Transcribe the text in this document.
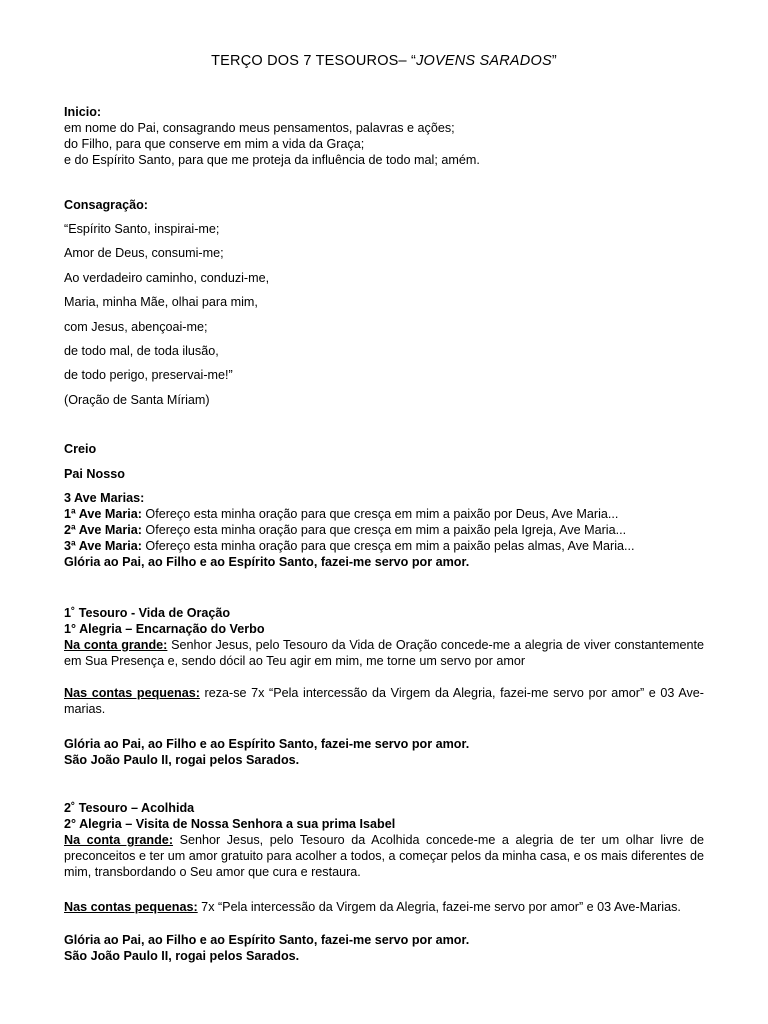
TERÇO DOS 7 TESOUROS– “JOVENS SARADOS”
Inicio:
em nome do Pai, consagrando meus pensamentos, palavras e ações;
do Filho, para que conserve em mim a vida da Graça;
e do Espírito Santo, para que me proteja da influência de todo mal; amém.
Consagração:
“Espírito Santo, inspirai-me;
Amor de Deus, consumi-me;
Ao verdadeiro caminho, conduzi-me,
Maria, minha Mãe, olhai para mim,
com Jesus, abençoai-me;
de todo mal, de toda ilusão,
de todo perigo, preservai-me!”
(Oração de Santa Míriam)
Creio
Pai Nosso
3 Ave Marias:
1ª Ave Maria: Ofereço esta minha oração para que cresça em mim a paixão por Deus, Ave Maria...
2ª Ave Maria: Ofereço esta minha oração para que cresça em mim a paixão pela Igreja, Ave Maria...
3ª Ave Maria: Ofereço esta minha oração para que cresça em mim a paixão pelas almas, Ave Maria...
Glória ao Pai, ao Filho e ao Espírito Santo, fazei-me servo por amor.
1˚ Tesouro - Vida de Oração
1° Alegria – Encarnação do Verbo
Na conta grande: Senhor Jesus, pelo Tesouro da Vida de Oração concede-me a alegria de viver constantemente em Sua Presença e, sendo dócil ao Teu agir em mim, me torne um servo por amor
Nas contas pequenas: reza-se 7x “Pela intercessão da Virgem da Alegria, fazei-me servo por amor” e 03 Ave-marias.
Glória ao Pai, ao Filho e ao Espírito Santo, fazei-me servo por amor.
São João Paulo II, rogai pelos Sarados.
2˚ Tesouro – Acolhida
2° Alegria – Visita de Nossa Senhora a sua prima Isabel
Na conta grande: Senhor Jesus, pelo Tesouro da Acolhida concede-me a alegria de ter um olhar livre de preconceitos e ter um amor gratuito para acolher a todos, a começar pelos da minha casa, e os mais diferentes de mim, transbordando o Seu amor que cura e restaura.
Nas contas pequenas: 7x “Pela intercessão da Virgem da Alegria, fazei-me servo por amor” e 03 Ave-Marias.
Glória ao Pai, ao Filho e ao Espírito Santo, fazei-me servo por amor.
São João Paulo II, rogai pelos Sarados.
